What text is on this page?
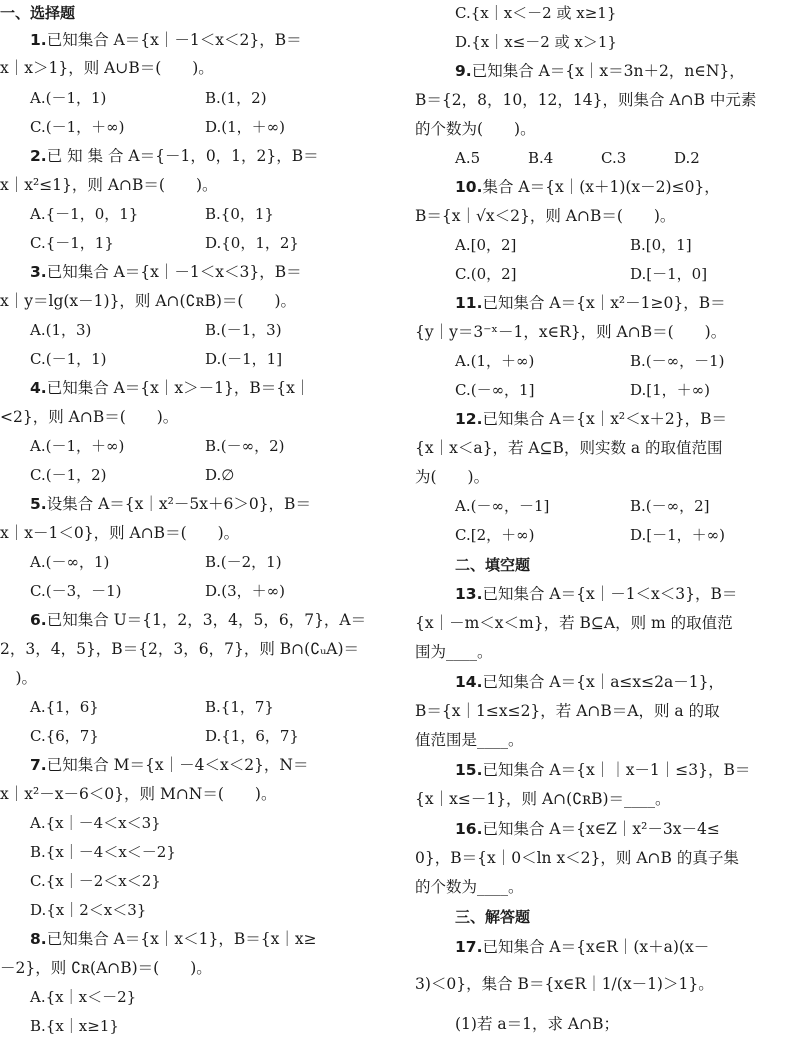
一、选择题
1.已知集合 A＝{x｜－1＜x＜2}，B＝
x｜x＞1}，则 A∪B＝(　　)。
A.(－1，1)	B.(1，2)
C.(－1，＋∞)	D.(1，＋∞)
2.已 知 集 合 A＝{－1，0，1，2}，B＝
x｜x²≤1}，则 A∩B＝(　　)。
A.{－1，0，1}	B.{0，1}
C.{－1，1}	D.{0，1，2}
3.已知集合 A＝{x｜－1＜x＜3}，B＝
x｜y＝lg(x－1)}，则 A∩(∁ʀB)＝(　　)。
A.(1，3)	B.(－1，3)
C.(－1，1)	D.(－1，1]
4.已知集合 A＝{x｜x＞－1}，B＝{x｜
<2}，则 A∩B＝(　　)。
A.(－1，＋∞)	B.(－∞，2)
C.(－1，2)	D.∅
5.设集合 A＝{x｜x²－5x＋6＞0}，B＝
x｜x－1＜0}，则 A∩B＝(　　)。
A.(－∞，1)	B.(－2，1)
C.(－3，－1)	D.(3，＋∞)
6.已知集合 U＝{1，2，3，4，5，6，7}，A＝
2，3，4，5}，B＝{2，3，6，7}，则 B∩(∁ᵤA)＝
　)。
A.{1，6}	B.{1，7}
C.{6，7}	D.{1，6，7}
7.已知集合 M＝{x｜－4＜x＜2}，N＝
x｜x²－x－6＜0}，则 M∩N＝(　　)。
A.{x｜－4＜x＜3}
B.{x｜－4＜x＜－2}
C.{x｜－2＜x＜2}
D.{x｜2＜x＜3}
8.已知集合 A＝{x｜x＜1}，B＝{x｜x≥
－2}，则 ∁ʀ(A∩B)＝(　　)。
A.{x｜x＜－2}
B.{x｜x≥1}
C.{x｜x＜－2 或 x≥1}
D.{x｜x≤－2 或 x＞1}
9.已知集合 A＝{x｜x＝3n＋2，n∈N}，
B＝{2，8，10，12，14}，则集合 A∩B 中元素
的个数为(　　)。
A.5	B.4	C.3	D.2
10.集合 A＝{x｜(x＋1)(x－2)≤0}，
B＝{x｜√x＜2}，则 A∩B＝(　　)。
A.[0，2]	B.[0，1]
C.(0，2]	D.[－1，0]
11.已知集合 A＝{x｜x²－1≥0}，B＝
{y｜y＝3⁻ˣ－1，x∈R}，则 A∩B＝(　　)。
A.(1，＋∞)	B.(－∞，－1)
C.(－∞，1]	D.[1，＋∞)
12.已知集合 A＝{x｜x²＜x＋2}，B＝
{x｜x＜a}，若 A⊆B，则实数 a 的取值范围
为(　　)。
A.(－∞，－1]	B.(－∞，2]
C.[2，＋∞)	D.[－1，＋∞)
二、填空题
13.已知集合 A＝{x｜－1＜x＜3}，B＝
{x｜－m＜x＜m}，若 B⊆A，则 m 的取值范
围为____。
14.已知集合 A＝{x｜a≤x≤2a－1}，
B＝{x｜1≤x≤2}，若 A∩B＝A，则 a 的取
值范围是____。
15.已知集合 A＝{x｜｜x－1｜≤3}，B＝
{x｜x≤－1}，则 A∩(∁ʀB)＝____。
16.已知集合 A＝{x∈Z｜x²－3x－4≤
0}，B＝{x｜0＜ln x＜2}，则 A∩B 的真子集
的个数为____。
三、解答题
17.已知集合 A＝{x∈R｜(x＋a)(x－
3)＜0}，集合 B＝{x∈R｜1/(x－1)＞1}。
(1)若 a＝1，求 A∩B；
